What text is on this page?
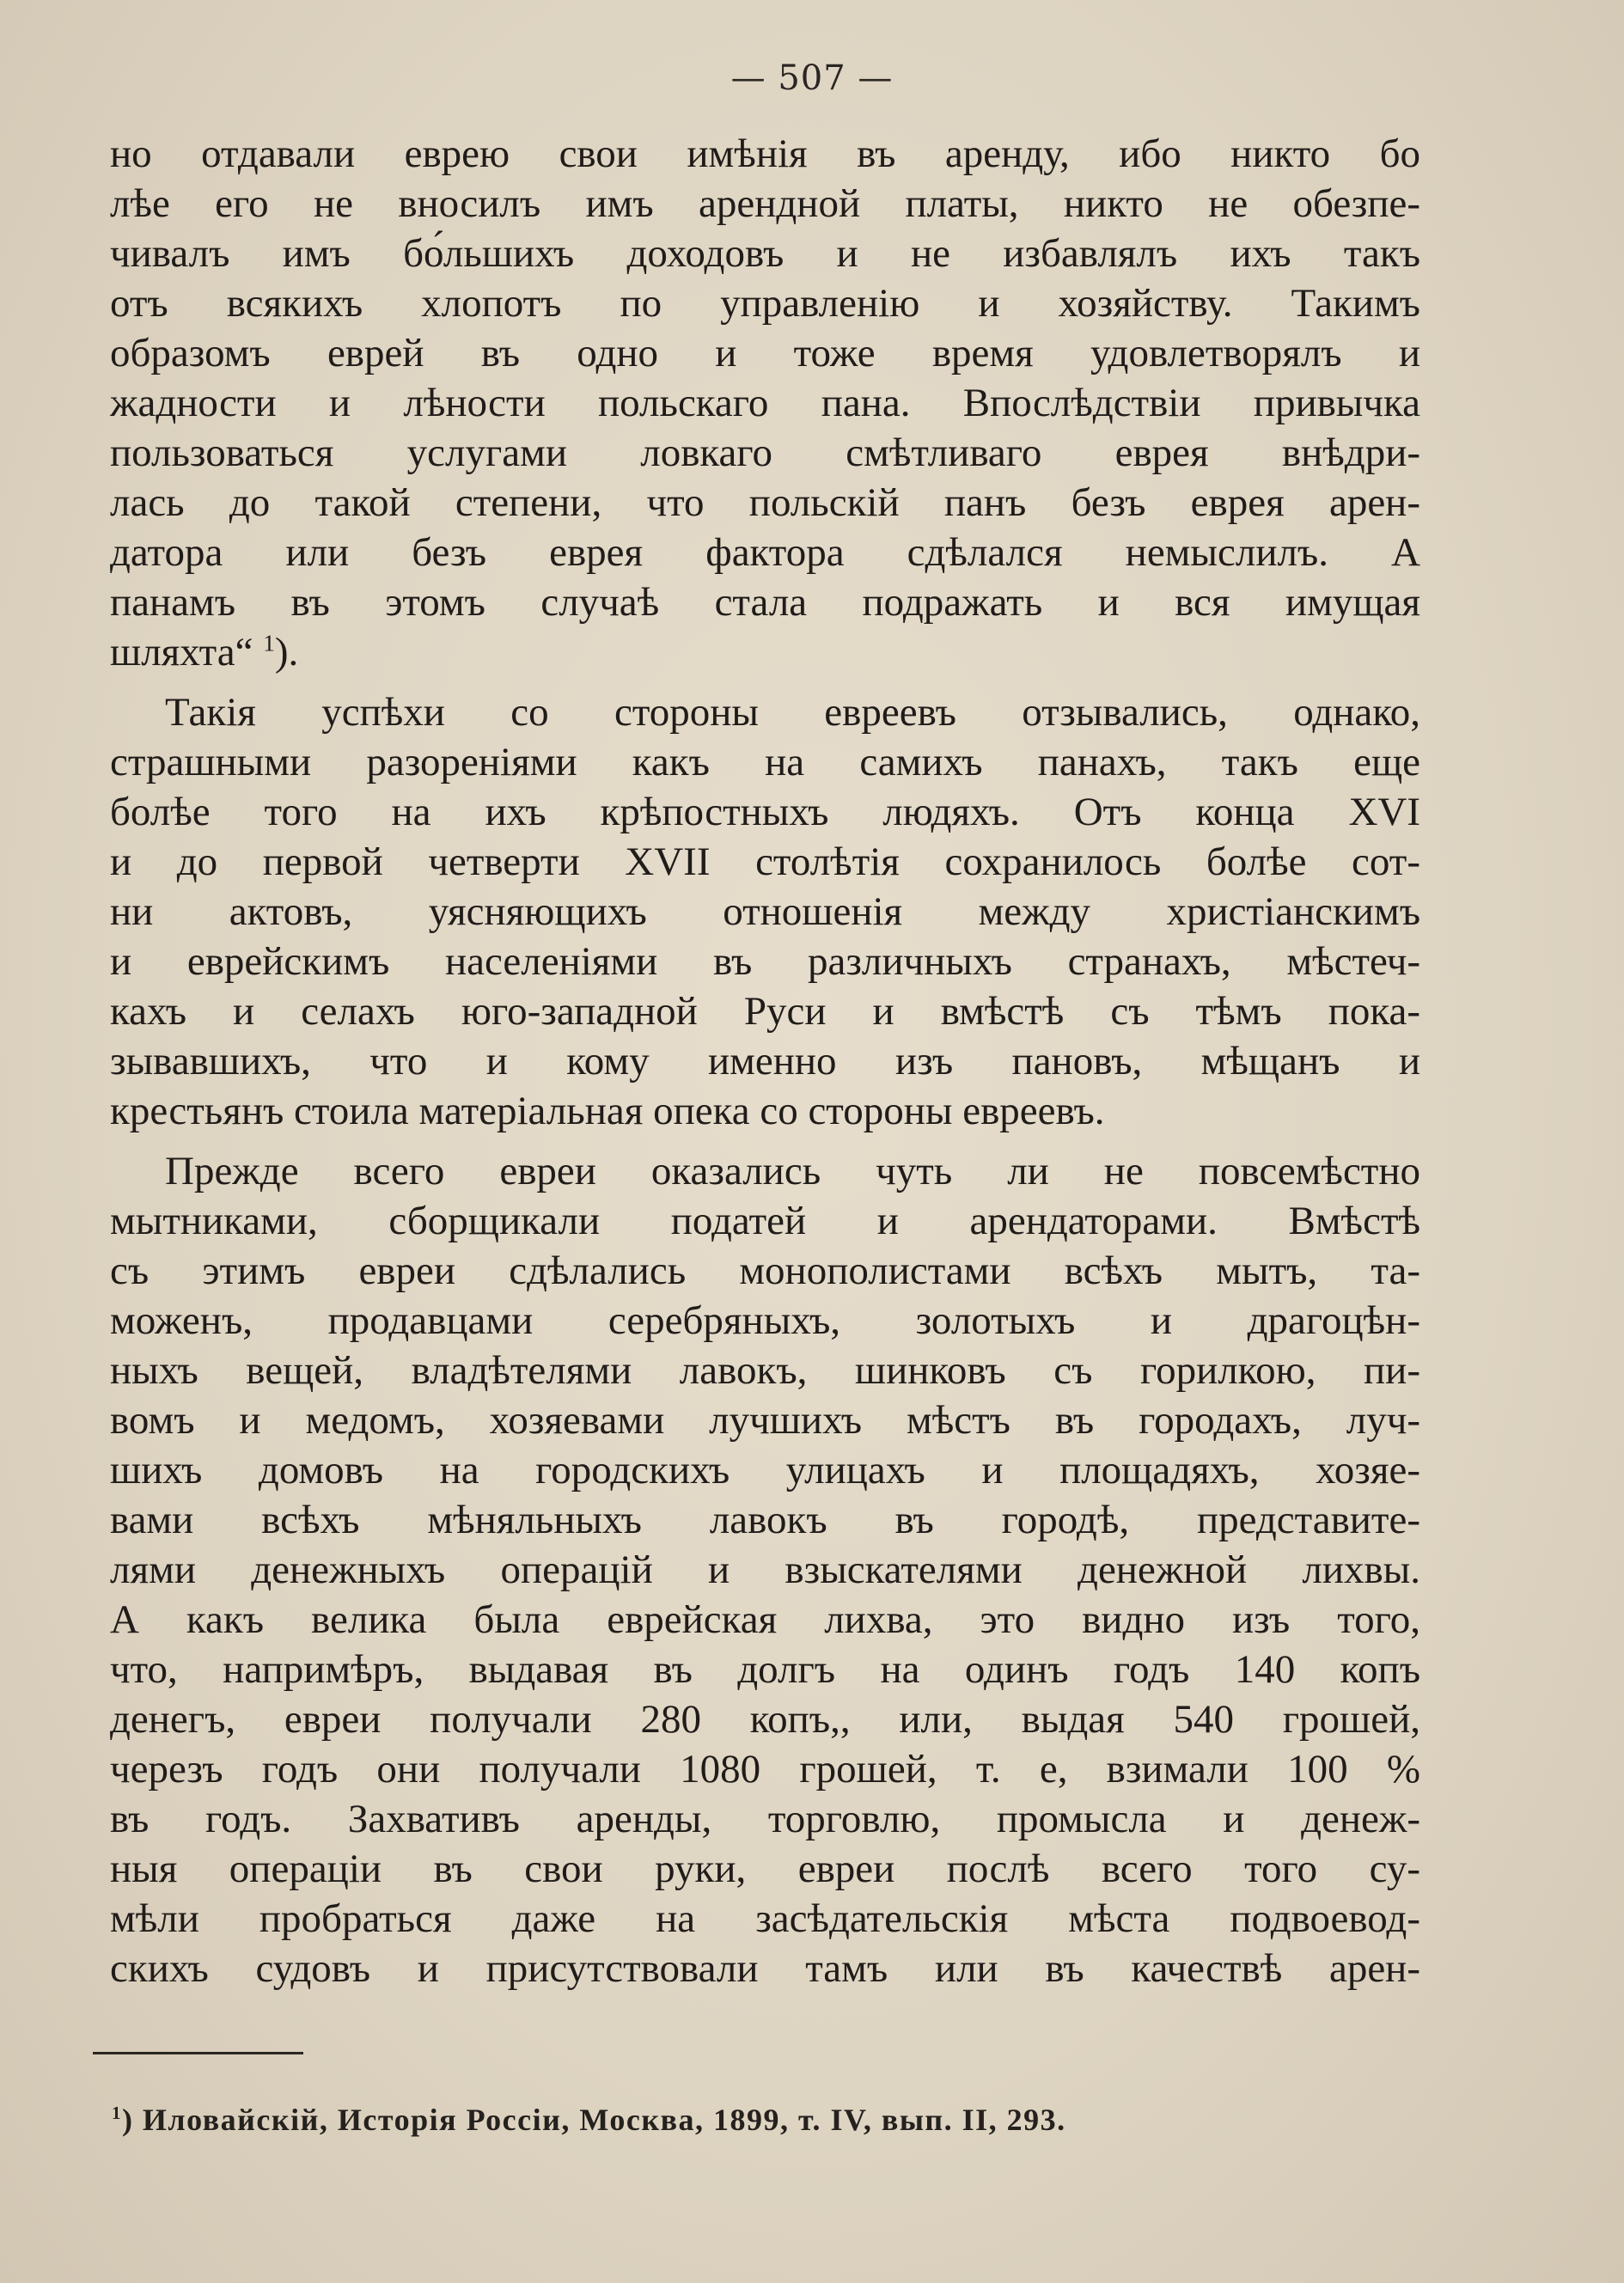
— 507 —
но отдавали еврею свои имѣнія въ аренду, ибо никто бо
лѣе его не вносилъ имъ арендной платы, никто не обезпе-
чивалъ имъ бо́льшихъ доходовъ и не избавлялъ ихъ такъ
отъ всякихъ хлопотъ по управленію и хозяйству. Такимъ
образомъ еврей въ одно и тоже время удовлетворялъ и
жадности и лѣности польскаго пана. Впослѣдствіи привычка
пользоваться услугами ловкаго смѣтливаго еврея внѣдри-
лась до такой степени, что польскій панъ безъ еврея арен-
датора или безъ еврея фактора сдѣлался немыслилъ. А
панамъ въ этомъ случаѣ стала подражать и вся имущая
шляхта“ $^1$).
Такія успѣхи со стороны евреевъ отзывались, однако,
страшными разореніями какъ на самихъ панахъ, такъ еще
болѣе того на ихъ крѣпостныхъ людяхъ. Отъ конца XVI
и до первой четверти XVII столѣтія сохранилось болѣе сот-
ни актовъ, уясняющихъ отношенія между христіанскимъ
и еврейскимъ населеніями въ различныхъ странахъ, мѣстеч-
кахъ и селахъ юго-западной Руси и вмѣстѣ съ тѣмъ пока-
зывавшихъ, что и кому именно изъ пановъ, мѣщанъ и
крестьянъ стоила матеріальная опека со стороны евреевъ.
Прежде всего евреи оказались чуть ли не повсемѣстно
мытниками, сборщикали податей и арендаторами. Вмѣстѣ
съ этимъ евреи сдѣлались монополистами всѣхъ мытъ, та-
моженъ, продавцами серебряныхъ, золотыхъ и драгоцѣн-
ныхъ вещей, владѣтелями лавокъ, шинковъ съ горилкою, пи-
вомъ и медомъ, хозяевами лучшихъ мѣстъ въ городахъ, луч-
шихъ домовъ на городскихъ улицахъ и площадяхъ, хозяе-
вами всѣхъ мѣняльныхъ лавокъ въ городѣ, представите-
лями денежныхъ операцій и взыскателями денежной лихвы.
А какъ велика была еврейская лихва, это видно изъ того,
что, напримѣръ, выдавая въ долгъ на одинъ годъ 140 копъ
денегъ, евреи получали 280 копъ,, или, выдая 540 грошей,
черезъ годъ они получали 1080 грошей, т. е, взимали 100 %
въ годъ. Захвативъ аренды, торговлю, промысла и денеж-
ныя операціи въ свои руки, евреи послѣ всего того су-
мѣли пробраться даже на засѣдательскія мѣста подвоевод-
скихъ судовъ и присутствовали тамъ или въ качествѣ арен-
$^1$) Иловайскій, Исторія Россіи, Москва, 1899, т. IV, вып. II, 293.
